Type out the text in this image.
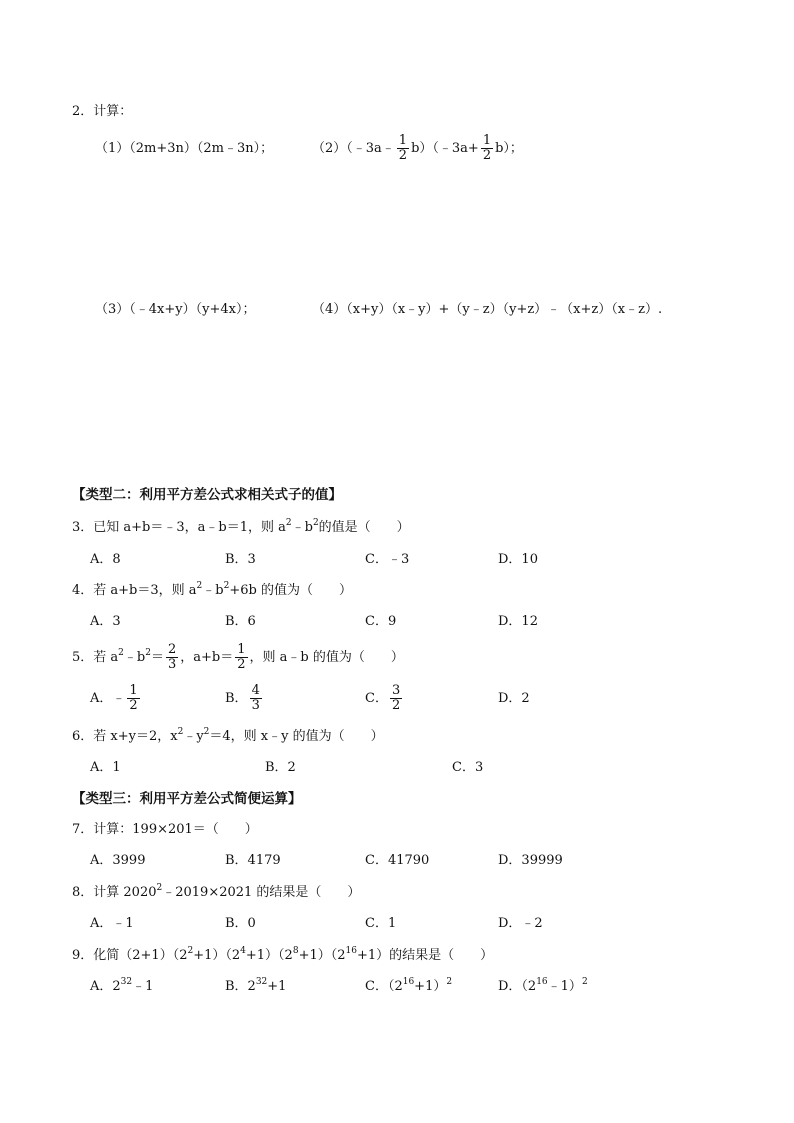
2．计算：
（1）（2m+3n）（2m﹣3n）；	（2）（﹣3a﹣ $\frac{1}{2}$ b）（﹣3a+ $\frac{1}{2} b$）；
（3）（﹣4x+y）（y+4x）；	（4）（x+y）（x﹣y）+（y﹣z）（y+z）﹣（x+z）（x﹣z）.
【类型二：利用平方差公式求相关式子的值】
3．已知 a+b＝﹣3，a﹣b＝1，则 $a^2﹣b^2$的值是（　　）
A．8	B．3	C．﹣3	D．10
4．若 a+b＝3，则 $a^2﹣b^2+6b$ 的值为（　　）
A．3	B．6	C．9	D．12
5．若 $a^2﹣b^2= \frac{2}{3}$ ，$a+b= \frac{1}{2}$ ，则 a﹣b 的值为（　　）
A．﹣ $\frac{1}{2}$	B． $\frac{4}{3}$	C． $\frac{3}{2}$	D．2
6．若 x+y＝2，$x^2﹣y^2=4$，则 x﹣y 的值为（　　）
A．1	B．2	C．3
【类型三：利用平方差公式简便运算】
7．计算：199×201＝（　　）
A．3999	B．4179	C．41790	D．39999
8．计算 $2020^2﹣2019\times 2021$ 的结果是（　　）
A．﹣1	B．0	C．1	D．﹣2
9．化简$(2+1)(2^2+1)(2^4+1)(2^8+1)(2^{16}+1)$的结果是（　　）
A．$2^{32}﹣1$	B．$2^{32}+1$	C．$(2^{16}+1)^2$	D．$(2^{16}﹣1)^2$
